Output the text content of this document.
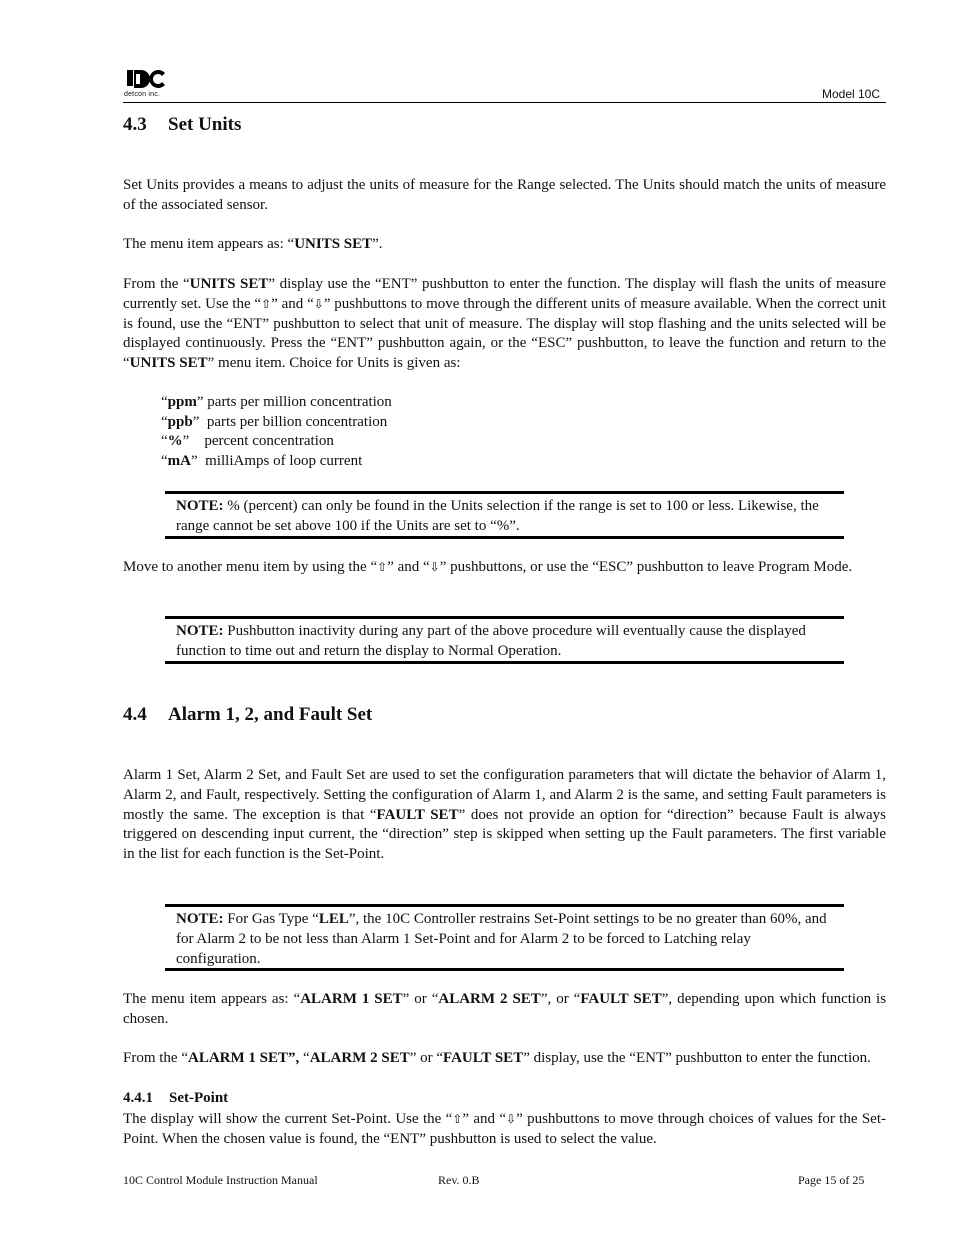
detcon inc.	Model 10C
4.3 Set Units

Set Units provides a means to adjust the units of measure for the Range selected. The Units should match the units of measure of the associated sensor.

The menu item appears as: “UNITS SET”.

From the “UNITS SET” display use the “ENT” pushbutton to enter the function. The display will flash the units of measure currently set. Use the “⇧” and “⇩” pushbuttons to move through the different units of measure available. When the correct unit is found, use the “ENT” pushbutton to select that unit of measure. The display will stop flashing and the units selected will be displayed continuously. Press the “ENT” pushbutton again, or the “ESC” pushbutton, to leave the function and return to the “UNITS SET” menu item. Choice for Units is given as:

“ppm” parts per million concentration
“ppb”  parts per billion concentration
“%”    percent concentration
“mA”  milliAmps of loop current

NOTE: % (percent) can only be found in the Units selection if the range is set to 100 or less. Likewise, the range cannot be set above 100 if the Units are set to “%”.

Move to another menu item by using the “⇧” and “⇩” pushbuttons, or use the “ESC” pushbutton to leave Program Mode.

NOTE: Pushbutton inactivity during any part of the above procedure will eventually cause the displayed function to time out and return the display to Normal Operation.

4.4 Alarm 1, 2, and Fault Set

Alarm 1 Set, Alarm 2 Set, and Fault Set are used to set the configuration parameters that will dictate the behavior of Alarm 1, Alarm 2, and Fault, respectively. Setting the configuration of Alarm 1, and Alarm 2 is the same, and setting Fault parameters is mostly the same. The exception is that “FAULT SET” does not provide an option for “direction” because Fault is always triggered on descending input current, the “direction” step is skipped when setting up the Fault parameters. The first variable in the list for each function is the Set-Point.

NOTE: For Gas Type “LEL”, the 10C Controller restrains Set-Point settings to be no greater than 60%, and for Alarm 2 to be not less than Alarm 1 Set-Point and for Alarm 2 to be forced to Latching relay configuration.

The menu item appears as: “ALARM 1 SET” or “ALARM 2 SET”, or “FAULT SET”, depending upon which function is chosen.

From the “ALARM 1 SET”, “ALARM 2 SET” or “FAULT SET” display, use the “ENT” pushbutton to enter the function.

4.4.1 Set-Point

The display will show the current Set-Point. Use the “⇧” and “⇩” pushbuttons to move through choices of values for the Set-Point. When the chosen value is found, the “ENT” pushbutton is used to select the value.

10C Control Module Instruction Manual	Rev. 0.B	Page 15 of 25
